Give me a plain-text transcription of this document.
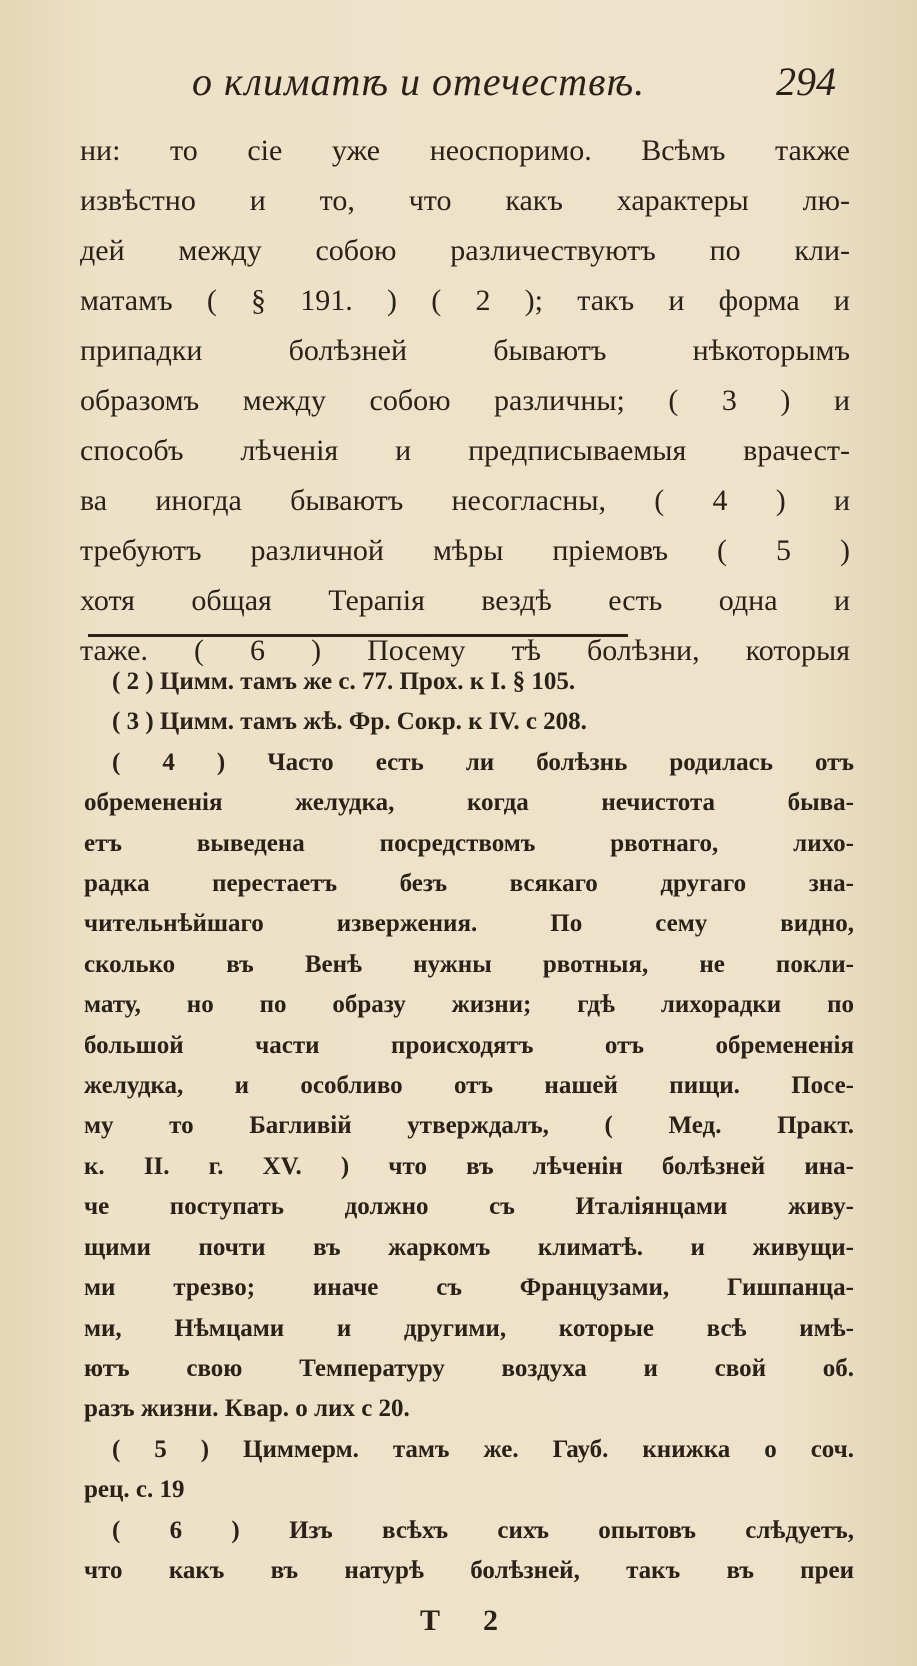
о климатѣ и отечествѣ.	294
ни: то сіе уже неоспоримо. Всѣмъ также
извѣстно и то, что какъ характеры лю-
дей между собою различествуютъ по кли-
матамъ ( § 191. ) ( 2 ); такъ и форма и
припадки болѣзней бываютъ нѣкоторымъ
образомъ между собою различны; ( 3 ) и
способъ лѣченія и предписываемыя врачест-
ва иногда бываютъ несогласны, ( 4 ) и
требуютъ различной мѣры пріемовъ ( 5 )
хотя общая Терапія вездѣ есть одна и
таже. ( 6 ) Посему тѣ болѣзни, которыя
( 2 ) Цимм. тамъ же с. 77. Прох. к I. § 105.
( 3 ) Цимм. тамъ жѣ. Фр. Сокр. к IV. с 208.
( 4 ) Часто есть ли болѣзнь родилась отъ
обремененія желудка, когда нечистота быва-
етъ выведена посредствомъ рвотнаго, лихо-
радка перестаетъ безъ всякаго другаго зна-
чительнѣйшаго извержения. По сему видно,
сколько въ Венѣ нужны рвотныя, не покли-
мату, но по образу жизни; гдѣ лихорадки по
большой части происходятъ отъ обремененія
желудка, и особливо отъ нашей пищи. Посе-
му то Багливій утверждалъ, ( Мед. Практ.
к. II. г. XV. ) что въ лѣченін болѣзней ина-
че поступать должно съ Италіянцами живу-
щими почти въ жаркомъ климатѣ. и живущи-
ми трезво; иначе съ Французами, Гишпанца-
ми, Нѣмцами и другими, которые всѣ имѣ-
ютъ свою Температуру воздуха и свой об.
разъ жизни. Квар. о лих с 20.
( 5 ) Циммерм. тамъ же. Гауб. книжка о соч.
рец. с. 19
( 6 ) Изъ всѣхъ сихъ опытовъ слѣдуетъ,
что какъ въ натурѣ болѣзней, такъ въ преи
T 2
